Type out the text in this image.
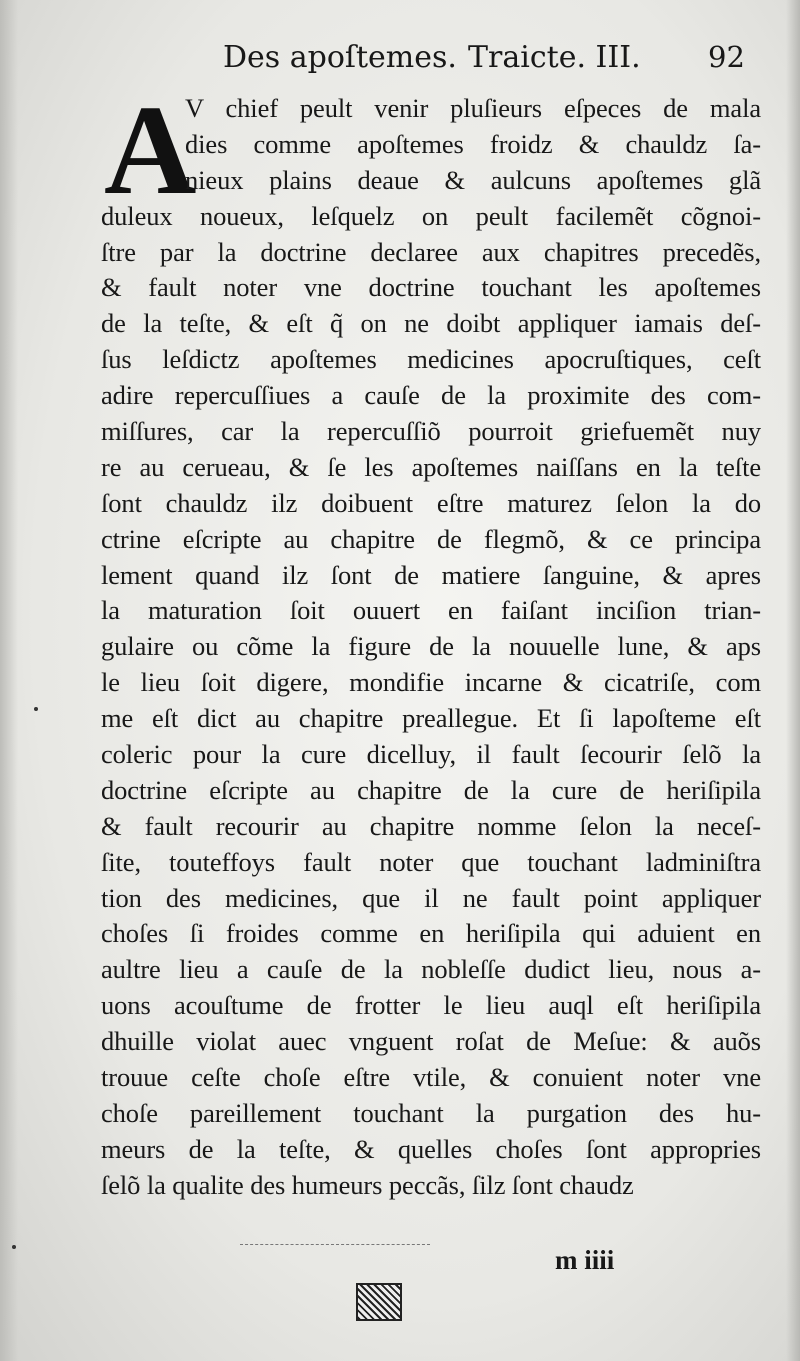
Des apoſtemes. Traicte. III. 92
A
V chief peult venir pluſieurs eſpeces de mala
dies comme apoſtemes froidz & chauldz ſa-
nieux plains deaue & aulcuns apoſtemes glã
duleux noueux, leſquelz on peult facilemẽt cõgnoi-
ſtre par la doctrine declaree aux chapitres precedẽs,
& fault noter vne doctrine touchant les apoſtemes
de la teſte, & eſt q̃ on ne doibt appliquer iamais deſ-
ſus leſdictz apoſtemes medicines apocruſtiques, ceſt
adire repercuſſiues a cauſe de la proximite des com-
miſſures, car la repercuſſiõ pourroit griefuemẽt nuy
re au cerueau, & ſe les apoſtemes naiſſans en la teſte
ſont chauldz ilz doibuent eſtre maturez ſelon la do
ctrine eſcripte au chapitre de flegmõ, & ce principa
lement quand ilz ſont de matiere ſanguine, & apres
la maturation ſoit ouuert en faiſant inciſion trian-
gulaire ou cõme la figure de la nouuelle lune, & aps
le lieu ſoit digere, mondifie incarne & cicatriſe, com
me eſt dict au chapitre preallegue. Et ſi lapoſteme eſt
coleric pour la cure dicelluy, il fault ſecourir ſelõ la
doctrine eſcripte au chapitre de la cure de heriſipila
& fault recourir au chapitre nomme ſelon la neceſ-
ſite, touteffoys fault noter que touchant ladminiſtra
tion des medicines, que il ne fault point appliquer
choſes ſi froides comme en heriſipila qui aduient en
aultre lieu a cauſe de la nobleſſe dudict lieu, nous a-
uons acouſtume de frotter le lieu auql eſt heriſipila
dhuille violat auec vnguent roſat de Meſue: & auõs
trouue ceſte choſe eſtre vtile, & conuient noter vne
choſe pareillement touchant la purgation des hu-
meurs de la teſte, & quelles choſes ſont appropries
ſelõ la qualite des humeurs peccãs, ſilz ſont chaudz
m iiii
